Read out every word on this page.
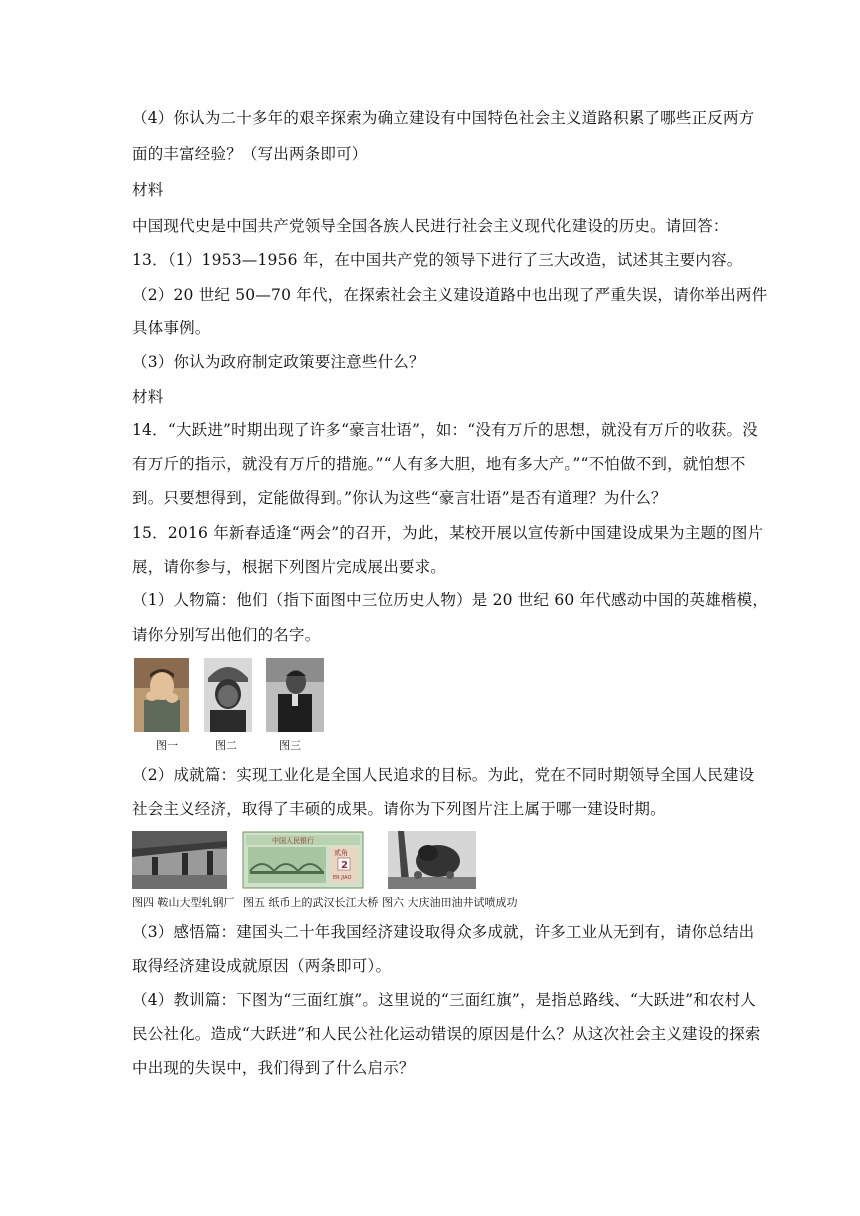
（4）你认为二十多年的艰辛探索为确立建设有中国特色社会主义道路积累了哪些正反两方
面的丰富经验？（写出两条即可）
材料
中国现代史是中国共产党领导全国各族人民进行社会主义现代化建设的历史。请回答：
13．（1）1953—1956 年，在中国共产党的领导下进行了三大改造，试述其主要内容。
（2）20 世纪 50—70 年代，在探索社会主义建设道路中也出现了严重失误，请你举出两件
具体事例。
（3）你认为政府制定政策要注意些什么？
材料
14．“大跃进”时期出现了许多“豪言壮语”，如：“没有万斤的思想，就没有万斤的收获。没
有万斤的指示，就没有万斤的措施。”“人有多大胆，地有多大产。”“不怕做不到，就怕想不
到。只要想得到，定能做得到。”你认为这些“豪言壮语”是否有道理？为什么？
15．2016 年新春适逢“两会”的召开，为此，某校开展以宣传新中国建设成果为主题的图片
展，请你参与，根据下列图片完成展出要求。
（1）人物篇：他们（指下面图中三位历史人物）是 20 世纪 60 年代感动中国的英雄楷模，
请你分别写出他们的名字。
图一	图二	图三
（2）成就篇：实现工业化是全国人民追求的目标。为此，党在不同时期领导全国人民建设
社会主义经济，取得了丰硕的成果。请你为下列图片注上属于哪一建设时期。
中国人民银行
贰角
2
ER JIAO
图四 鞍山大型轧钢厂 图五 纸币上的武汉长江大桥 图六 大庆油田油井试喷成功
（3）感悟篇：建国头二十年我国经济建设取得众多成就，许多工业从无到有，请你总结出
取得经济建设成就原因（两条即可）。
（4）教训篇：下图为“三面红旗”。这里说的“三面红旗”，是指总路线、“大跃进”和农村人
民公社化。造成“大跃进”和人民公社化运动错误的原因是什么？从这次社会主义建设的探索
中出现的失误中，我们得到了什么启示？
